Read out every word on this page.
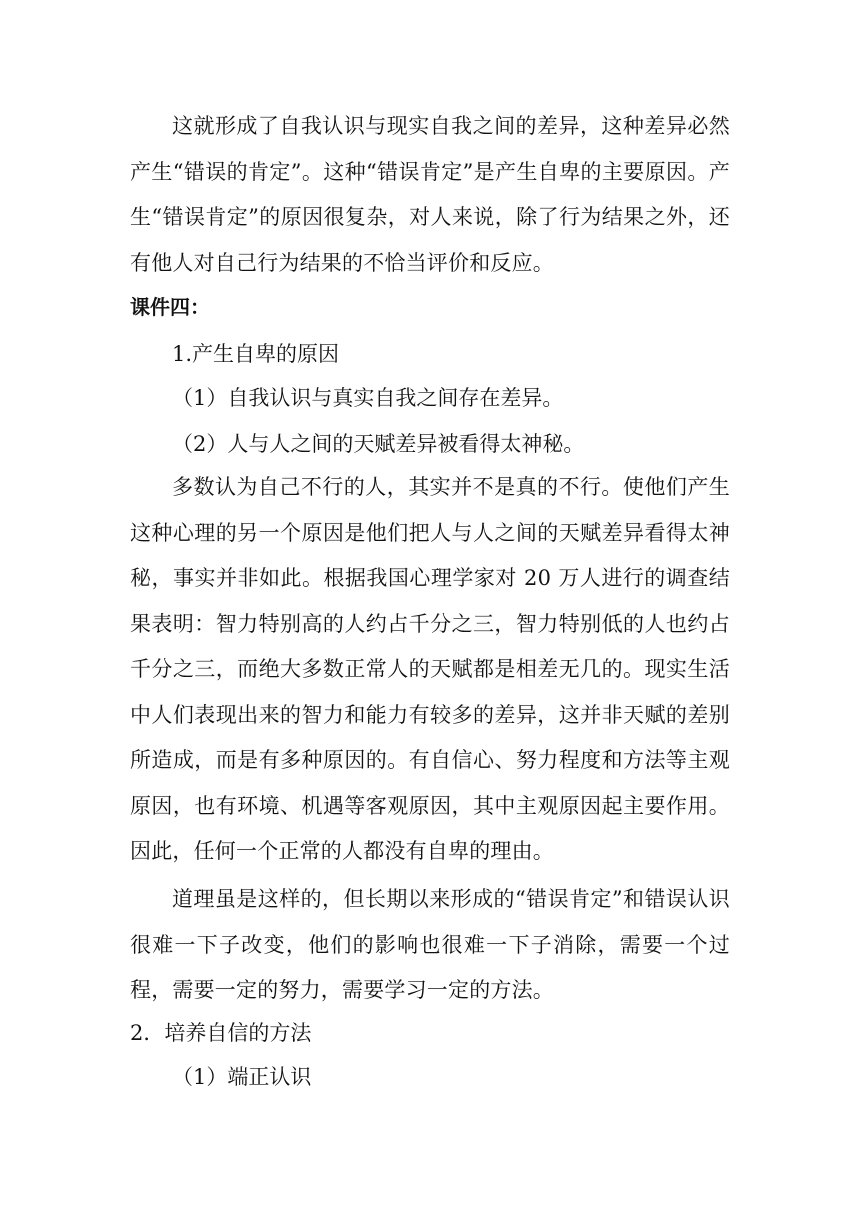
这就形成了自我认识与现实自我之间的差异，这种差异必然产生“错误的肯定”。这种“错误肯定”是产生自卑的主要原因。产生“错误肯定”的原因很复杂，对人来说，除了行为结果之外，还有他人对自己行为结果的不恰当评价和反应。

课件四：

1.产生自卑的原因

（1）自我认识与真实自我之间存在差异。

（2）人与人之间的天赋差异被看得太神秘。

多数认为自己不行的人，其实并不是真的不行。使他们产生这种心理的另一个原因是他们把人与人之间的天赋差异看得太神秘，事实并非如此。根据我国心理学家对 20 万人进行的调查结果表明：智力特别高的人约占千分之三，智力特别低的人也约占千分之三，而绝大多数正常人的天赋都是相差无几的。现实生活中人们表现出来的智力和能力有较多的差异，这并非天赋的差别所造成，而是有多种原因的。有自信心、努力程度和方法等主观原因，也有环境、机遇等客观原因，其中主观原因起主要作用。因此，任何一个正常的人都没有自卑的理由。

道理虽是这样的，但长期以来形成的“错误肯定”和错误认识很难一下子改变，他们的影响也很难一下子消除，需要一个过程，需要一定的努力，需要学习一定的方法。

2．培养自信的方法

（1）端正认识
